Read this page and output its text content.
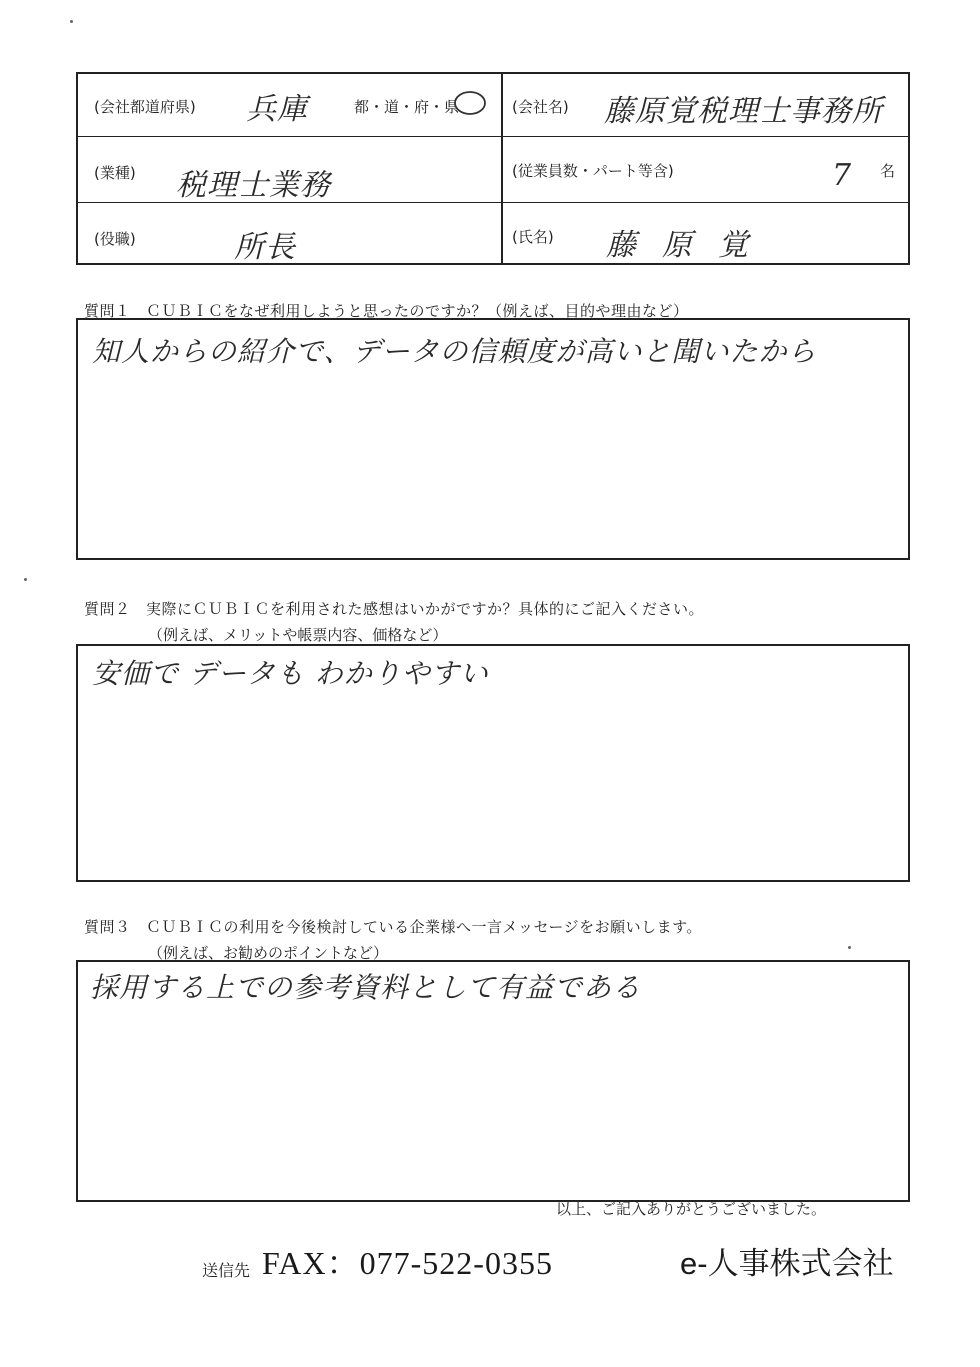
(会社都道府県) 兵庫	都・道・府・県	(会社名) 藤原覚税理士事務所
(業種) 税理士業務	(従業員数・パート等含)	7 名
(役職)	所長	(氏名) 藤原覚
質問１　ＣＵＢＩＣをなぜ利用しようと思ったのですか？（例えば、目的や理由など）
知人からの紹介で、データの信頼度が高いと聞いたから
質問２　実際にＣＵＢＩＣを利用された感想はいかがですか？具体的にご記入ください。
（例えば、メリットや帳票内容、価格など）
安価で データも わかりやすい
質問３　ＣＵＢＩＣの利用を今後検討している企業様へ一言メッセージをお願いします。
（例えば、お勧めのポイントなど）
採用する上での参考資料として有益である
以上、ご記入ありがとうございました。
送信先 FAX：077-522-0355	e-人事株式会社
